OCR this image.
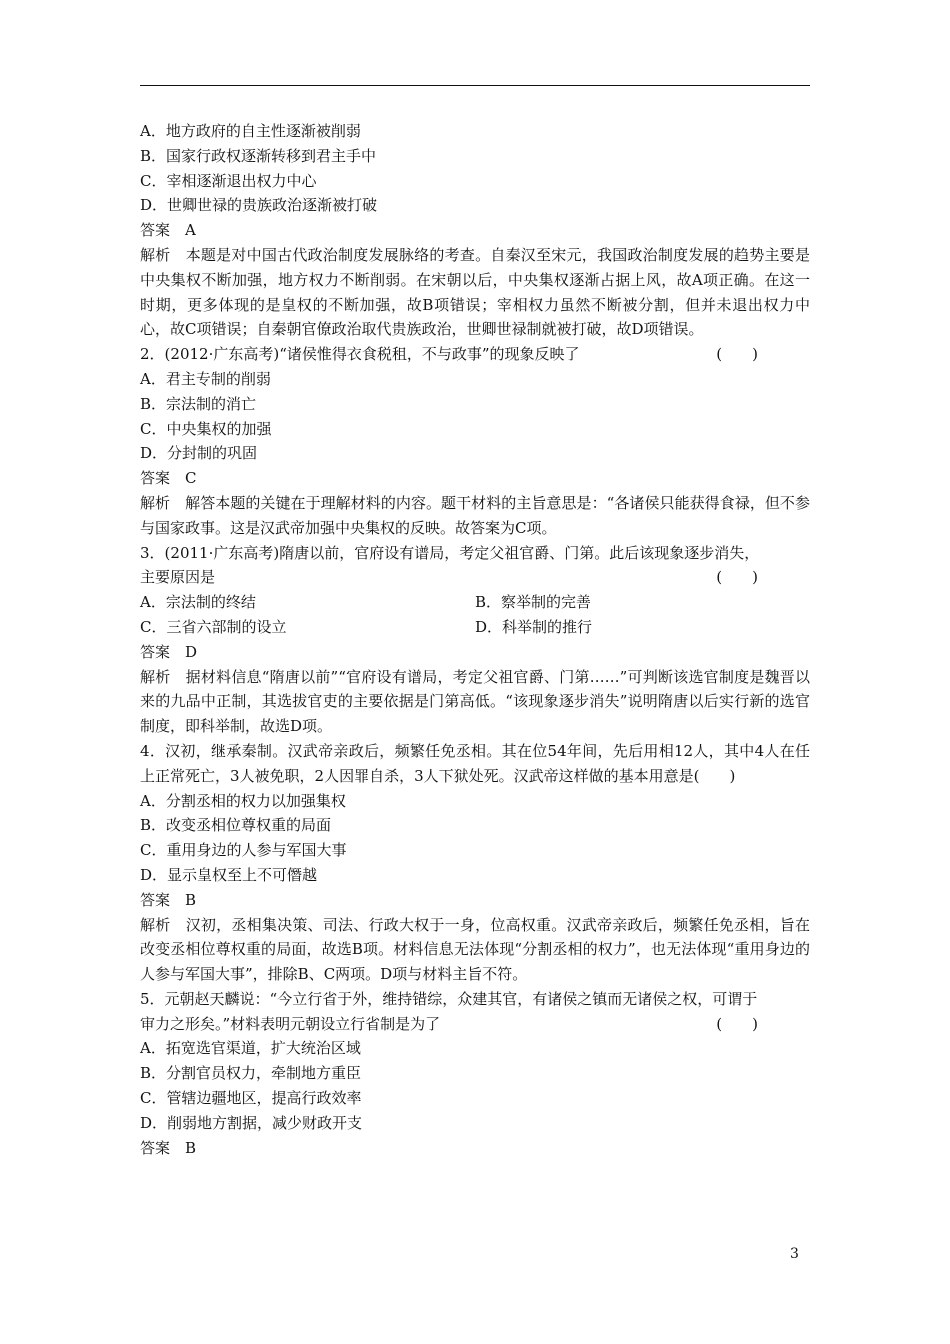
A．地方政府的自主性逐渐被削弱
B．国家行政权逐渐转移到君主手中
C．宰相逐渐退出权力中心
D．世卿世禄的贵族政治逐渐被打破
答案　A
解析　本题是对中国古代政治制度发展脉络的考查。自秦汉至宋元，我国政治制度发展的趋势主要是中央集权不断加强，地方权力不断削弱。在宋朝以后，中央集权逐渐占据上风，故A项正确。在这一时期，更多体现的是皇权的不断加强，故B项错误；宰相权力虽然不断被分割，但并未退出权力中心，故C项错误；自秦朝官僚政治取代贵族政治，世卿世禄制就被打破，故D项错误。
2．(2012·广东高考)“诸侯惟得衣食税租，不与政事”的现象反映了	(　　)
A．君主专制的削弱
B．宗法制的消亡
C．中央集权的加强
D．分封制的巩固
答案　C
解析　解答本题的关键在于理解材料的内容。题干材料的主旨意思是：“各诸侯只能获得食禄，但不参与国家政事。这是汉武帝加强中央集权的反映。故答案为C项。
3．(2011·广东高考)隋唐以前，官府设有谱局，考定父祖官爵、门第。此后该现象逐步消失，
主要原因是	(　　)
A．宗法制的终结	B．察举制的完善
C．三省六部制的设立	D．科举制的推行
答案　D
解析　据材料信息“隋唐以前”“官府设有谱局，考定父祖官爵、门第……”可判断该选官制度是魏晋以来的九品中正制，其选拔官吏的主要依据是门第高低。“该现象逐步消失”说明隋唐以后实行新的选官制度，即科举制，故选D项。
4．汉初，继承秦制。汉武帝亲政后，频繁任免丞相。其在位54年间，先后用相12人，其中4人在任上正常死亡，3人被免职，2人因罪自杀，3人下狱处死。汉武帝这样做的基本用意是(　　)
A．分割丞相的权力以加强集权
B．改变丞相位尊权重的局面
C．重用身边的人参与军国大事
D．显示皇权至上不可僭越
答案　B
解析　汉初，丞相集决策、司法、行政大权于一身，位高权重。汉武帝亲政后，频繁任免丞相，旨在改变丞相位尊权重的局面，故选B项。材料信息无法体现“分割丞相的权力”，也无法体现“重用身边的人参与军国大事”，排除B、C两项。D项与材料主旨不符。
5．元朝赵天麟说：“今立行省于外，维持错综，众建其官，有诸侯之镇而无诸侯之权，可谓于
审力之形矣。”材料表明元朝设立行省制是为了	(　　)
A．拓宽选官渠道，扩大统治区域
B．分割官员权力，牵制地方重臣
C．管辖边疆地区，提高行政效率
D．削弱地方割据，减少财政开支
答案　B
3
